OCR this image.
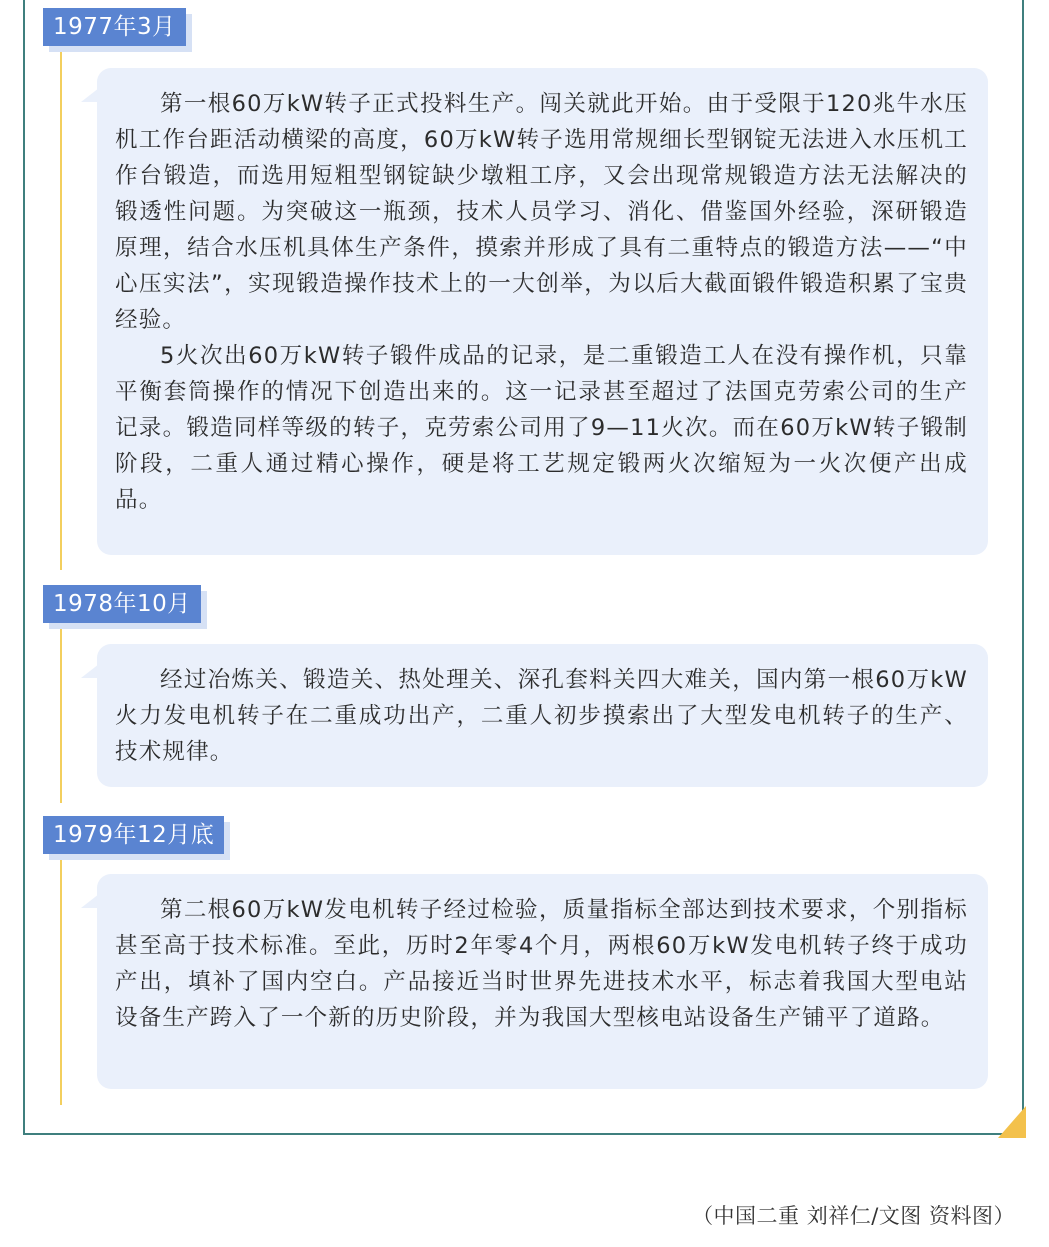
1977年3月

第一根60万kW转子正式投料生产。闯关就此开始。由于受限于120兆牛水压机工作台距活动横梁的高度，60万kW转子选用常规细长型钢锭无法进入水压机工作台锻造，而选用短粗型钢锭缺少墩粗工序，又会出现常规锻造方法无法解决的锻透性问题。为突破这一瓶颈，技术人员学习、消化、借鉴国外经验，深研锻造原理，结合水压机具体生产条件，摸索并形成了具有二重特点的锻造方法——“中心压实法”，实现锻造操作技术上的一大创举，为以后大截面锻件锻造积累了宝贵经验。

5火次出60万kW转子锻件成品的记录，是二重锻造工人在没有操作机，只靠平衡套筒操作的情况下创造出来的。这一记录甚至超过了法国克劳索公司的生产记录。锻造同样等级的转子，克劳索公司用了9—11火次。而在60万kW转子锻制阶段，二重人通过精心操作，硬是将工艺规定锻两火次缩短为一火次便产出成品。

1978年10月

经过冶炼关、锻造关、热处理关、深孔套料关四大难关，国内第一根60万kW火力发电机转子在二重成功出产，二重人初步摸索出了大型发电机转子的生产、技术规律。

1979年12月底

第二根60万kW发电机转子经过检验，质量指标全部达到技术要求，个别指标甚至高于技术标准。至此，历时2年零4个月，两根60万kW发电机转子终于成功产出，填补了国内空白。产品接近当时世界先进技术水平，标志着我国大型电站设备生产跨入了一个新的历史阶段，并为我国大型核电站设备生产铺平了道路。

（中国二重 刘祥仁/文图 资料图）
